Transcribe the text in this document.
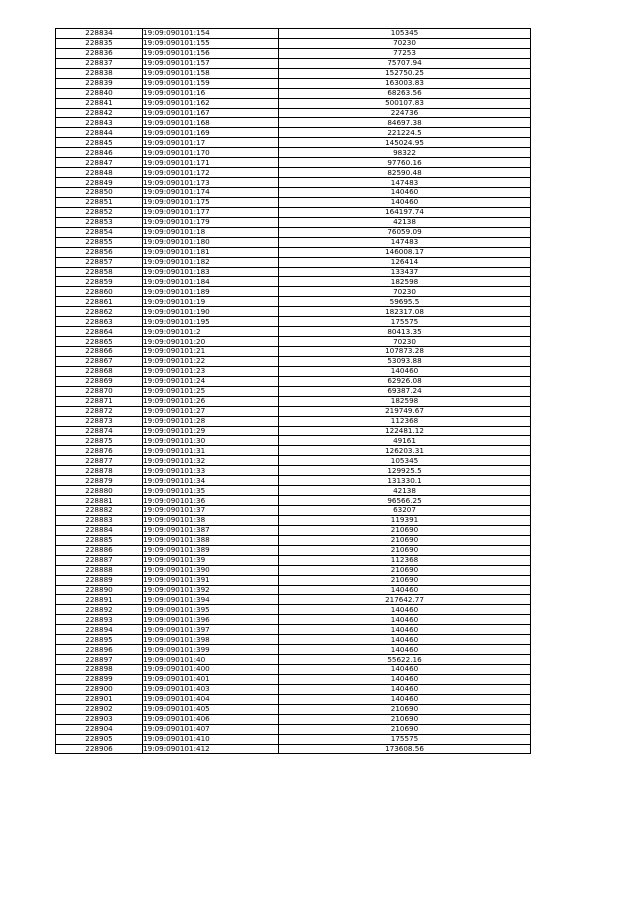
228834	19:09:090101:154	105345
228835	19:09:090101:155	70230
228836	19:09:090101:156	77253
228837	19:09:090101:157	75707.94
228838	19:09:090101:158	152750.25
228839	19:09:090101:159	163003.83
228840	19:09:090101:16	68263.56
228841	19:09:090101:162	500107.83
228842	19:09:090101:167	224736
228843	19:09:090101:168	84697.38
228844	19:09:090101:169	221224.5
228845	19:09:090101:17	145024.95
228846	19:09:090101:170	98322
228847	19:09:090101:171	97760.16
228848	19:09:090101:172	82590.48
228849	19:09:090101:173	147483
228850	19:09:090101:174	140460
228851	19:09:090101:175	140460
228852	19:09:090101:177	164197.74
228853	19:09:090101:179	42138
228854	19:09:090101:18	76059.09
228855	19:09:090101:180	147483
228856	19:09:090101:181	146008.17
228857	19:09:090101:182	126414
228858	19:09:090101:183	133437
228859	19:09:090101:184	182598
228860	19:09:090101:189	70230
228861	19:09:090101:19	59695.5
228862	19:09:090101:190	182317.08
228863	19:09:090101:195	175575
228864	19:09:090101:2	80413.35
228865	19:09:090101:20	70230
228866	19:09:090101:21	107873.28
228867	19:09:090101:22	53093.88
228868	19:09:090101:23	140460
228869	19:09:090101:24	62926.08
228870	19:09:090101:25	69387.24
228871	19:09:090101:26	182598
228872	19:09:090101:27	219749.67
228873	19:09:090101:28	112368
228874	19:09:090101:29	122481.12
228875	19:09:090101:30	49161
228876	19:09:090101:31	126203.31
228877	19:09:090101:32	105345
228878	19:09:090101:33	129925.5
228879	19:09:090101:34	131330.1
228880	19:09:090101:35	42138
228881	19:09:090101:36	96566.25
228882	19:09:090101:37	63207
228883	19:09:090101:38	119391
228884	19:09:090101:387	210690
228885	19:09:090101:388	210690
228886	19:09:090101:389	210690
228887	19:09:090101:39	112368
228888	19:09:090101:390	210690
228889	19:09:090101:391	210690
228890	19:09:090101:392	140460
228891	19:09:090101:394	217642.77
228892	19:09:090101:395	140460
228893	19:09:090101:396	140460
228894	19:09:090101:397	140460
228895	19:09:090101:398	140460
228896	19:09:090101:399	140460
228897	19:09:090101:40	55622.16
228898	19:09:090101:400	140460
228899	19:09:090101:401	140460
228900	19:09:090101:403	140460
228901	19:09:090101:404	140460
228902	19:09:090101:405	210690
228903	19:09:090101:406	210690
228904	19:09:090101:407	210690
228905	19:09:090101:410	175575
228906	19:09:090101:412	173608.56
